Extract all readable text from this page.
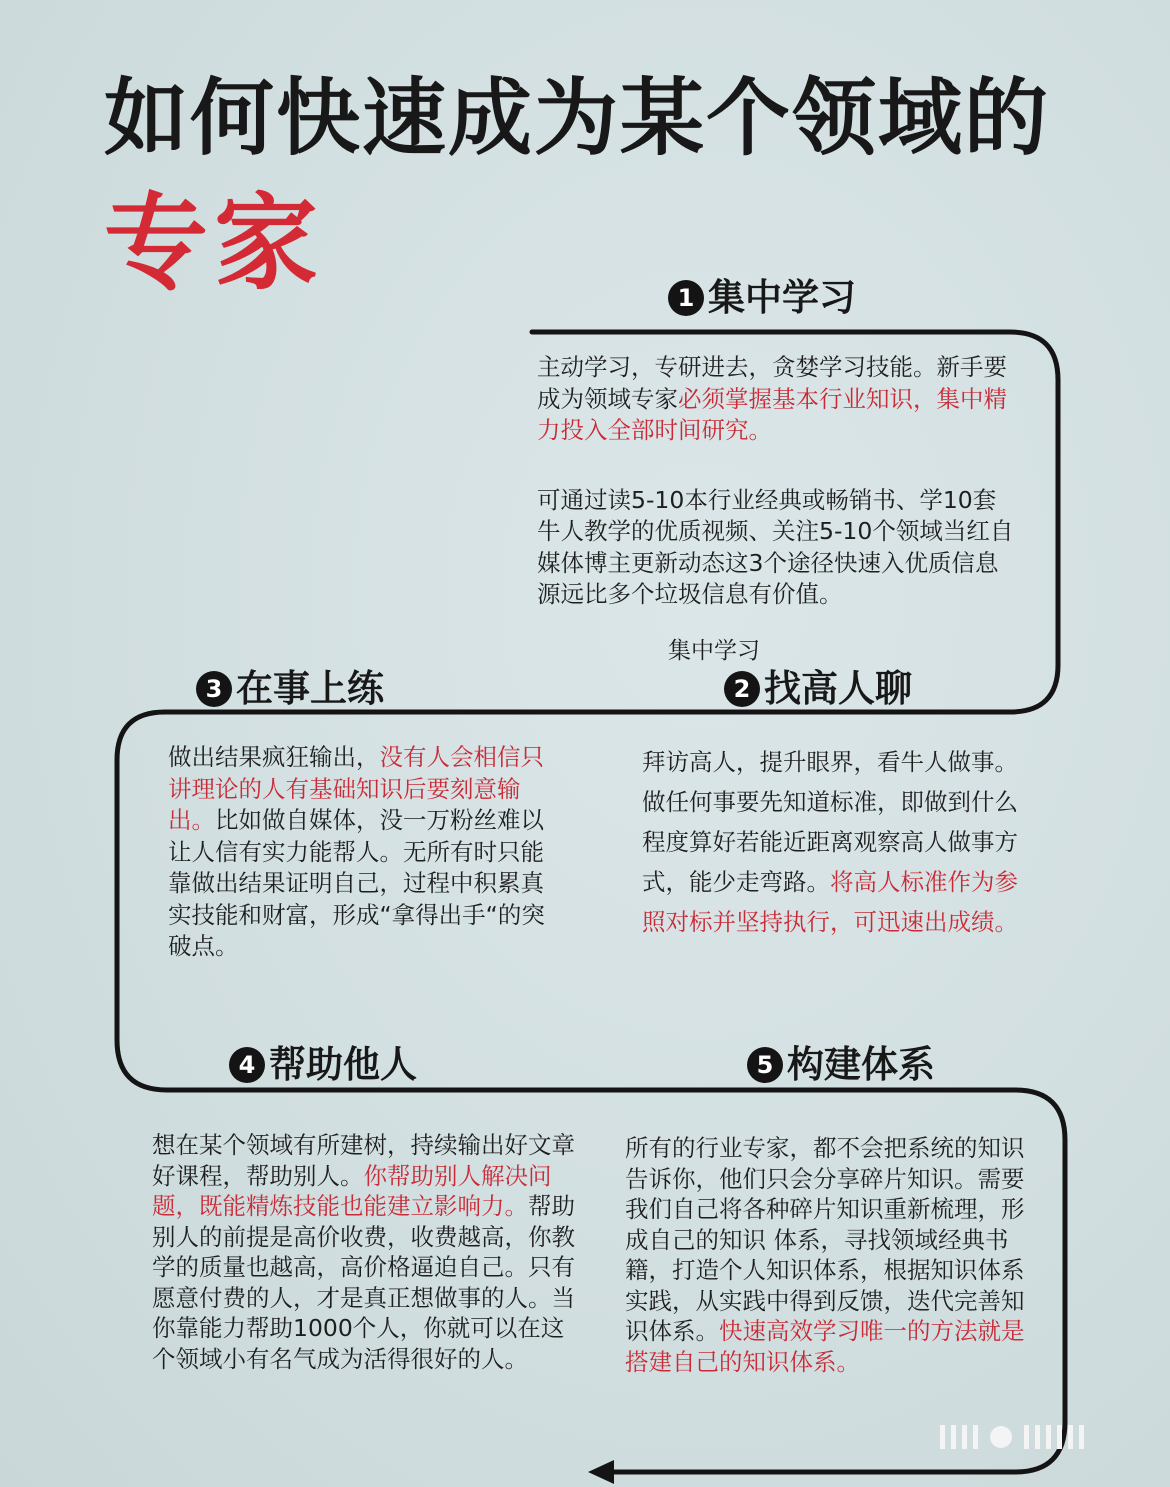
如何快速成为某个领域的
专家	1 集中学习

主动学习，专研进去，贪婪学习技能。新手要成为领域专家必须掌握基本行业知识，集中精力投入全部时间研究。

可通过读5-10本行业经典或畅销书、学10套牛人教学的优质视频、关注5-10个领域当红自媒体博主更新动态这3个途径快速入优质信息源远比多个垃圾信息有价值。

集中学习

2 找高人聊

拜访高人，提升眼界，看牛人做事。做任何事要先知道标准，即做到什么程度算好若能近距离观察高人做事方式，能少走弯路。将高人标准作为参照对标并坚持执行，可迅速出成绩。

3 在事上练

做出结果疯狂输出，没有人会相信只讲理论的人有基础知识后要刻意输出。比如做自媒体，没一万粉丝难以让人信有实力能帮人。无所有时只能靠做出结果证明自己，过程中积累真实技能和财富，形成“拿得出手“的突破点。

4 帮助他人

想在某个领域有所建树，持续输出好文章好课程，帮助别人。你帮助别人解决问题，既能精炼技能也能建立影响力。帮助别人的前提是高价收费，收费越高，你教学的质量也越高，高价格逼迫自己。只有愿意付费的人，才是真正想做事的人。当你靠能力帮助1000个人，你就可以在这个领域小有名气成为活得很好的人。

5 构建体系

所有的行业专家，都不会把系统的知识告诉你，他们只会分享碎片知识。需要我们自己将各种碎片知识重新梳理，形成自己的知识 体系，寻找领域经典书籍，打造个人知识体系，根据知识体系实践，从实践中得到反馈，迭代完善知识体系。快速高效学习唯一的方法就是搭建自己的知识体系。
